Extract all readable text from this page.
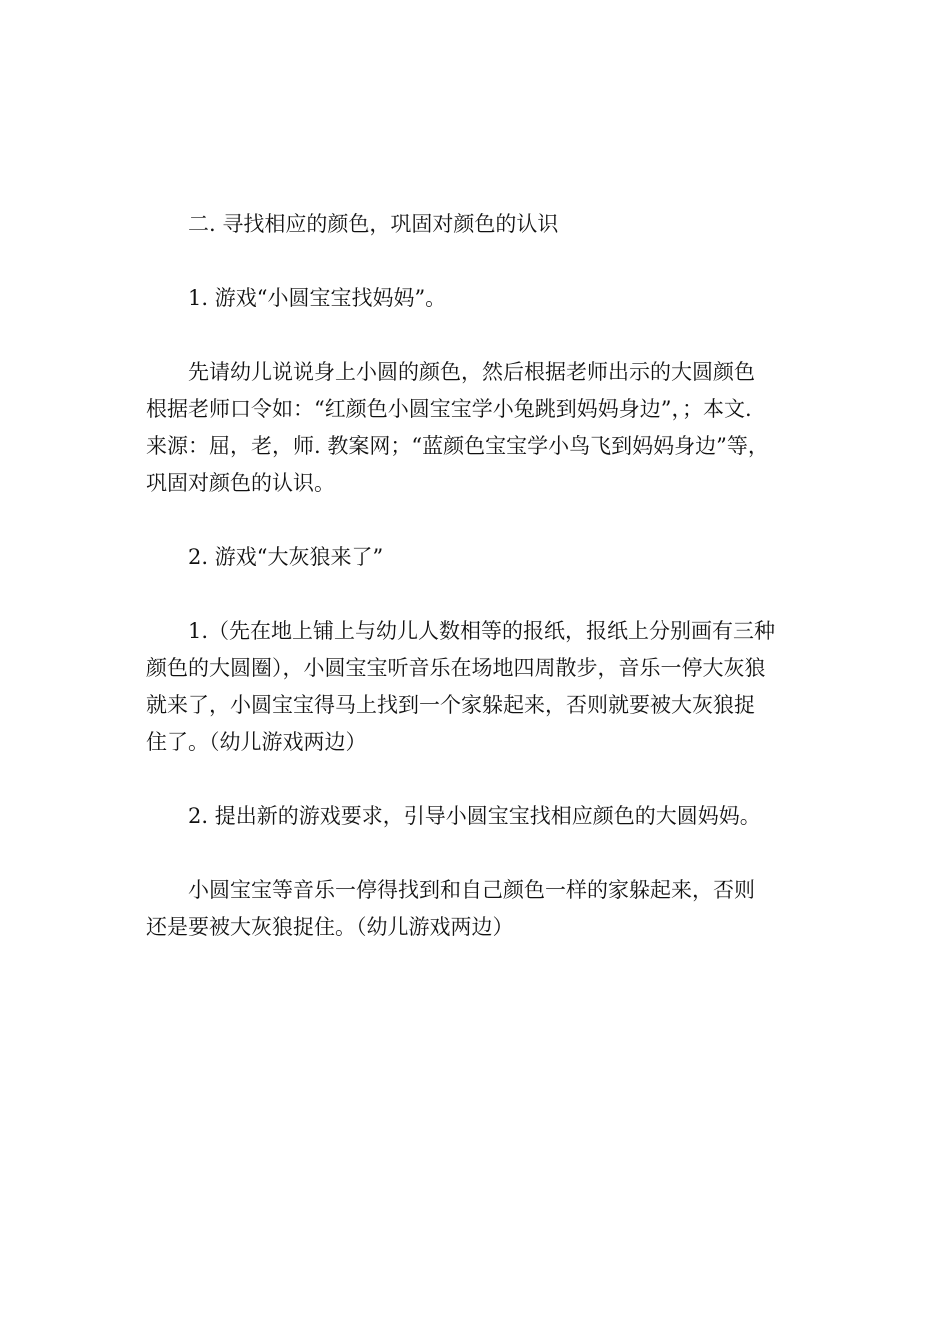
二. 寻找相应的颜色，巩固对颜色的认识

1. 游戏“小圆宝宝找妈妈”。

先请幼儿说说身上小圆的颜色，然后根据老师出示的大圆颜色
根据老师口令如：“红颜色小圆宝宝学小兔跳到妈妈身边”，；本文.
来源：屈，老，师. 教案网；“蓝颜色宝宝学小鸟飞到妈妈身边”等，
巩固对颜色的认识。

2. 游戏“大灰狼来了”

1.（先在地上铺上与幼儿人数相等的报纸，报纸上分别画有三种
颜色的大圆圈），小圆宝宝听音乐在场地四周散步，音乐一停大灰狼
就来了，小圆宝宝得马上找到一个家躲起来，否则就要被大灰狼捉
住了。（幼儿游戏两边）

2. 提出新的游戏要求，引导小圆宝宝找相应颜色的大圆妈妈。

小圆宝宝等音乐一停得找到和自己颜色一样的家躲起来，否则
还是要被大灰狼捉住。（幼儿游戏两边）
